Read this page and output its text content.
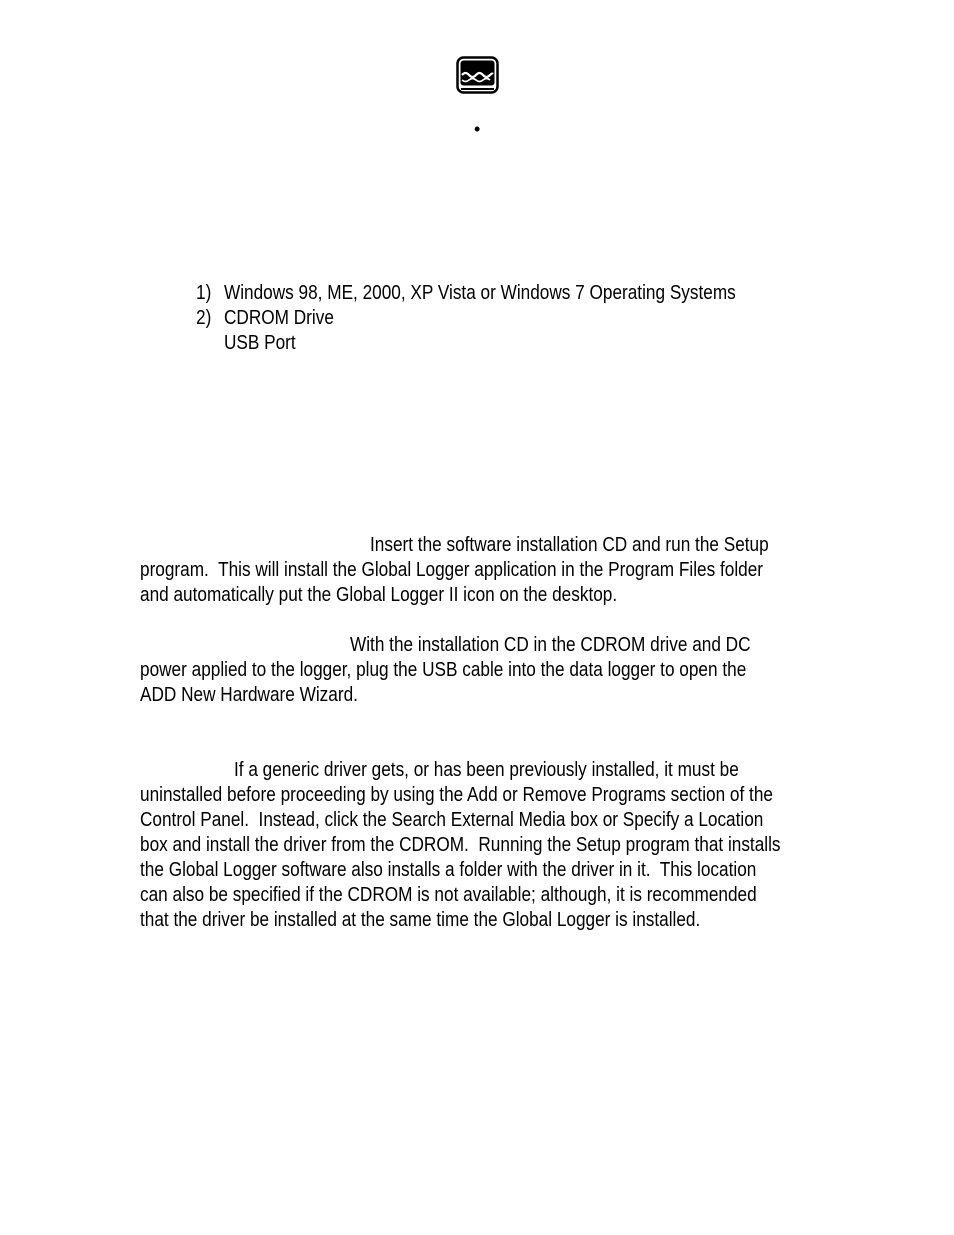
•
1) Windows 98, ME, 2000, XP Vista or Windows 7 Operating Systems
2) CDROM Drive
USB Port
Insert the software installation CD and run the Setup
program.  This will install the Global Logger application in the Program Files folder
and automatically put the Global Logger II icon on the desktop.
With the installation CD in the CDROM drive and DC
power applied to the logger, plug the USB cable into the data logger to open the
ADD New Hardware Wizard.
If a generic driver gets, or has been previously installed, it must be
uninstalled before proceeding by using the Add or Remove Programs section of the
Control Panel.  Instead, click the Search External Media box or Specify a Location
box and install the driver from the CDROM.  Running the Setup program that installs
the Global Logger software also installs a folder with the driver in it.  This location
can also be specified if the CDROM is not available; although, it is recommended
that the driver be installed at the same time the Global Logger is installed.
